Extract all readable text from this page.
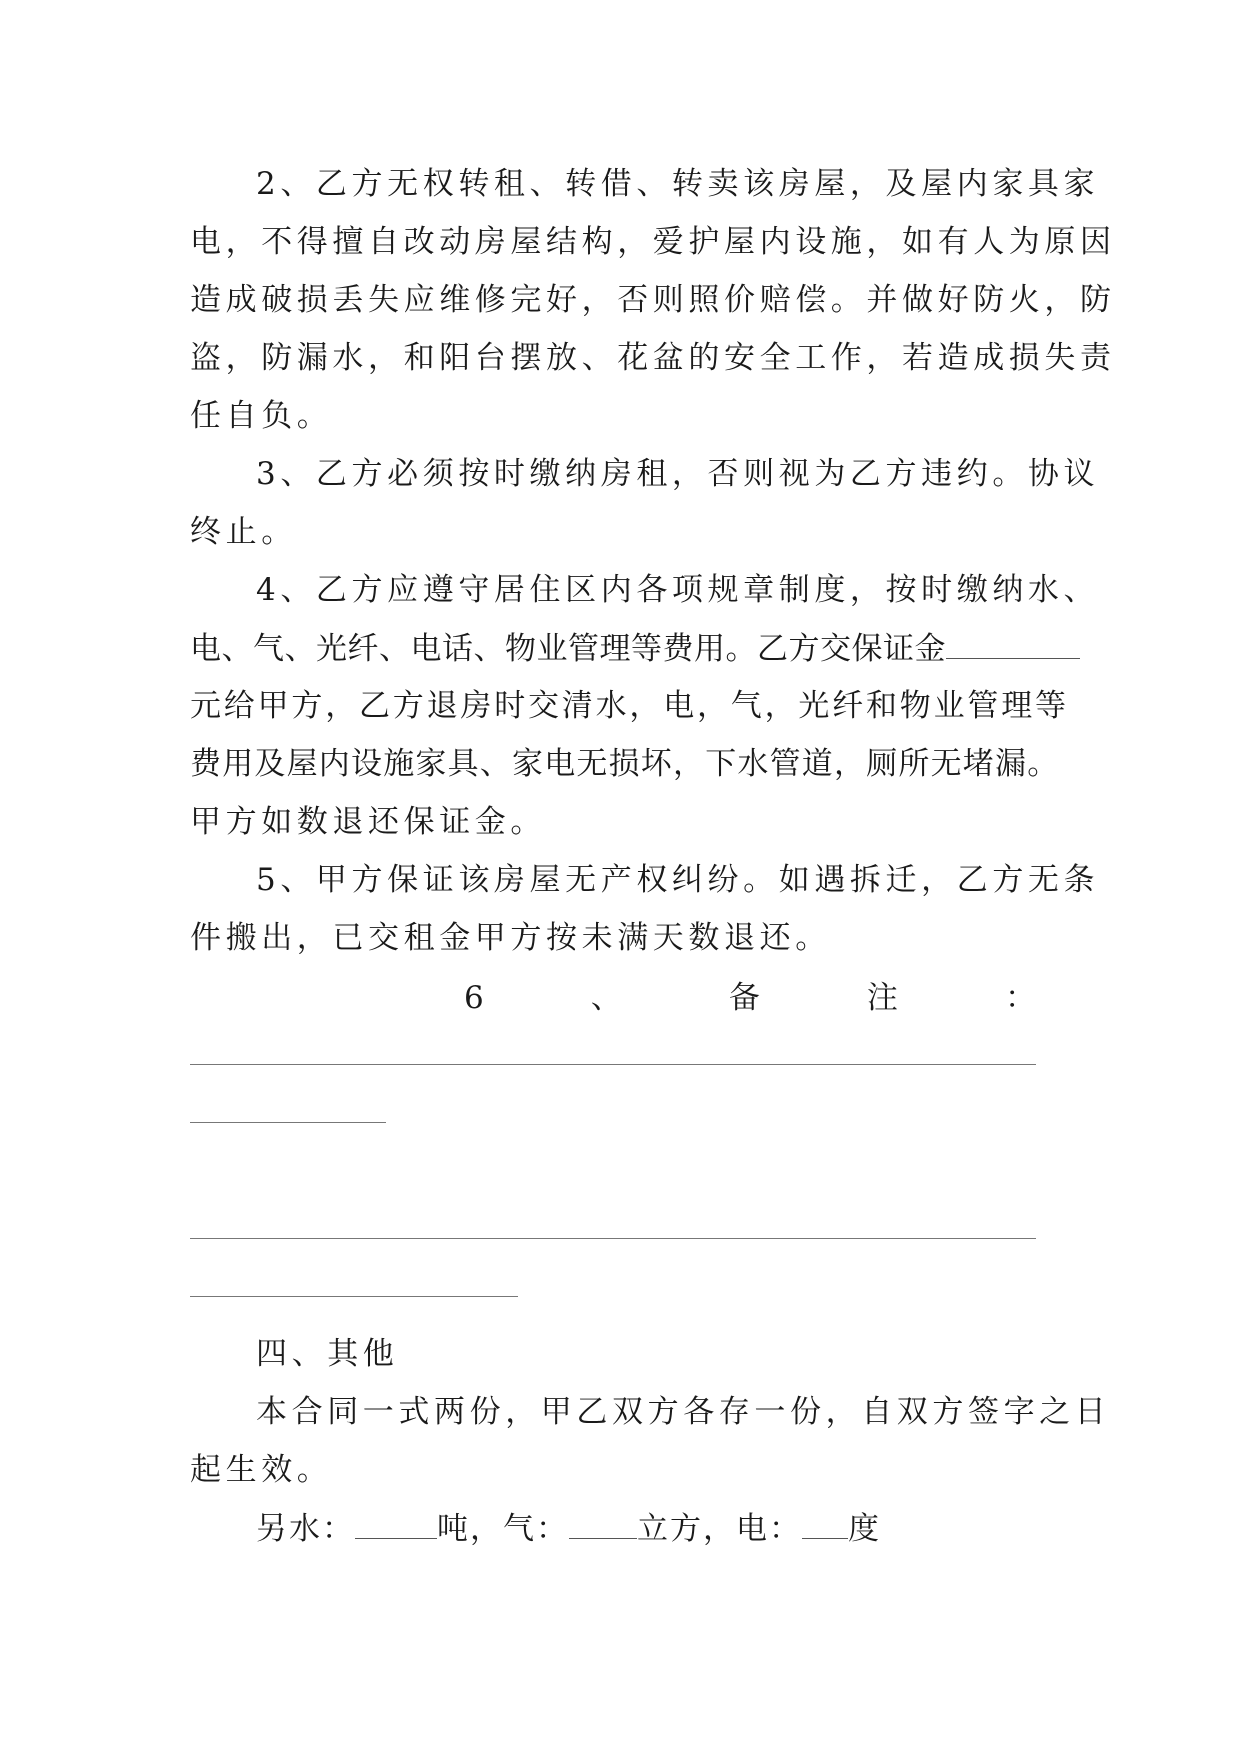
2、乙方无权转租、转借、转卖该房屋，及屋内家具家
电，不得擅自改动房屋结构，爱护屋内设施，如有人为原因
造成破损丢失应维修完好，否则照价赔偿。并做好防火，防
盗，防漏水，和阳台摆放、花盆的安全工作，若造成损失责
任自负。
3、乙方必须按时缴纳房租，否则视为乙方违约。协议
终止。
4、乙方应遵守居住区内各项规章制度，按时缴纳水、
电、气、光纤、电话、物业管理等费用。乙方交保证金
元给甲方，乙方退房时交清水，电，气，光纤和物业管理等
费用及屋内设施家具、家电无损坏，下水管道，厕所无堵漏。
甲方如数退还保证金。
5、甲方保证该房屋无产权纠纷。如遇拆迁，乙方无条
件搬出，已交租金甲方按未满天数退还。
6	、	备	注	：
四、其他
本合同一式两份，甲乙双方各存一份，自双方签字之日
起生效。
另水：	吨，气： 立方，电： 度
